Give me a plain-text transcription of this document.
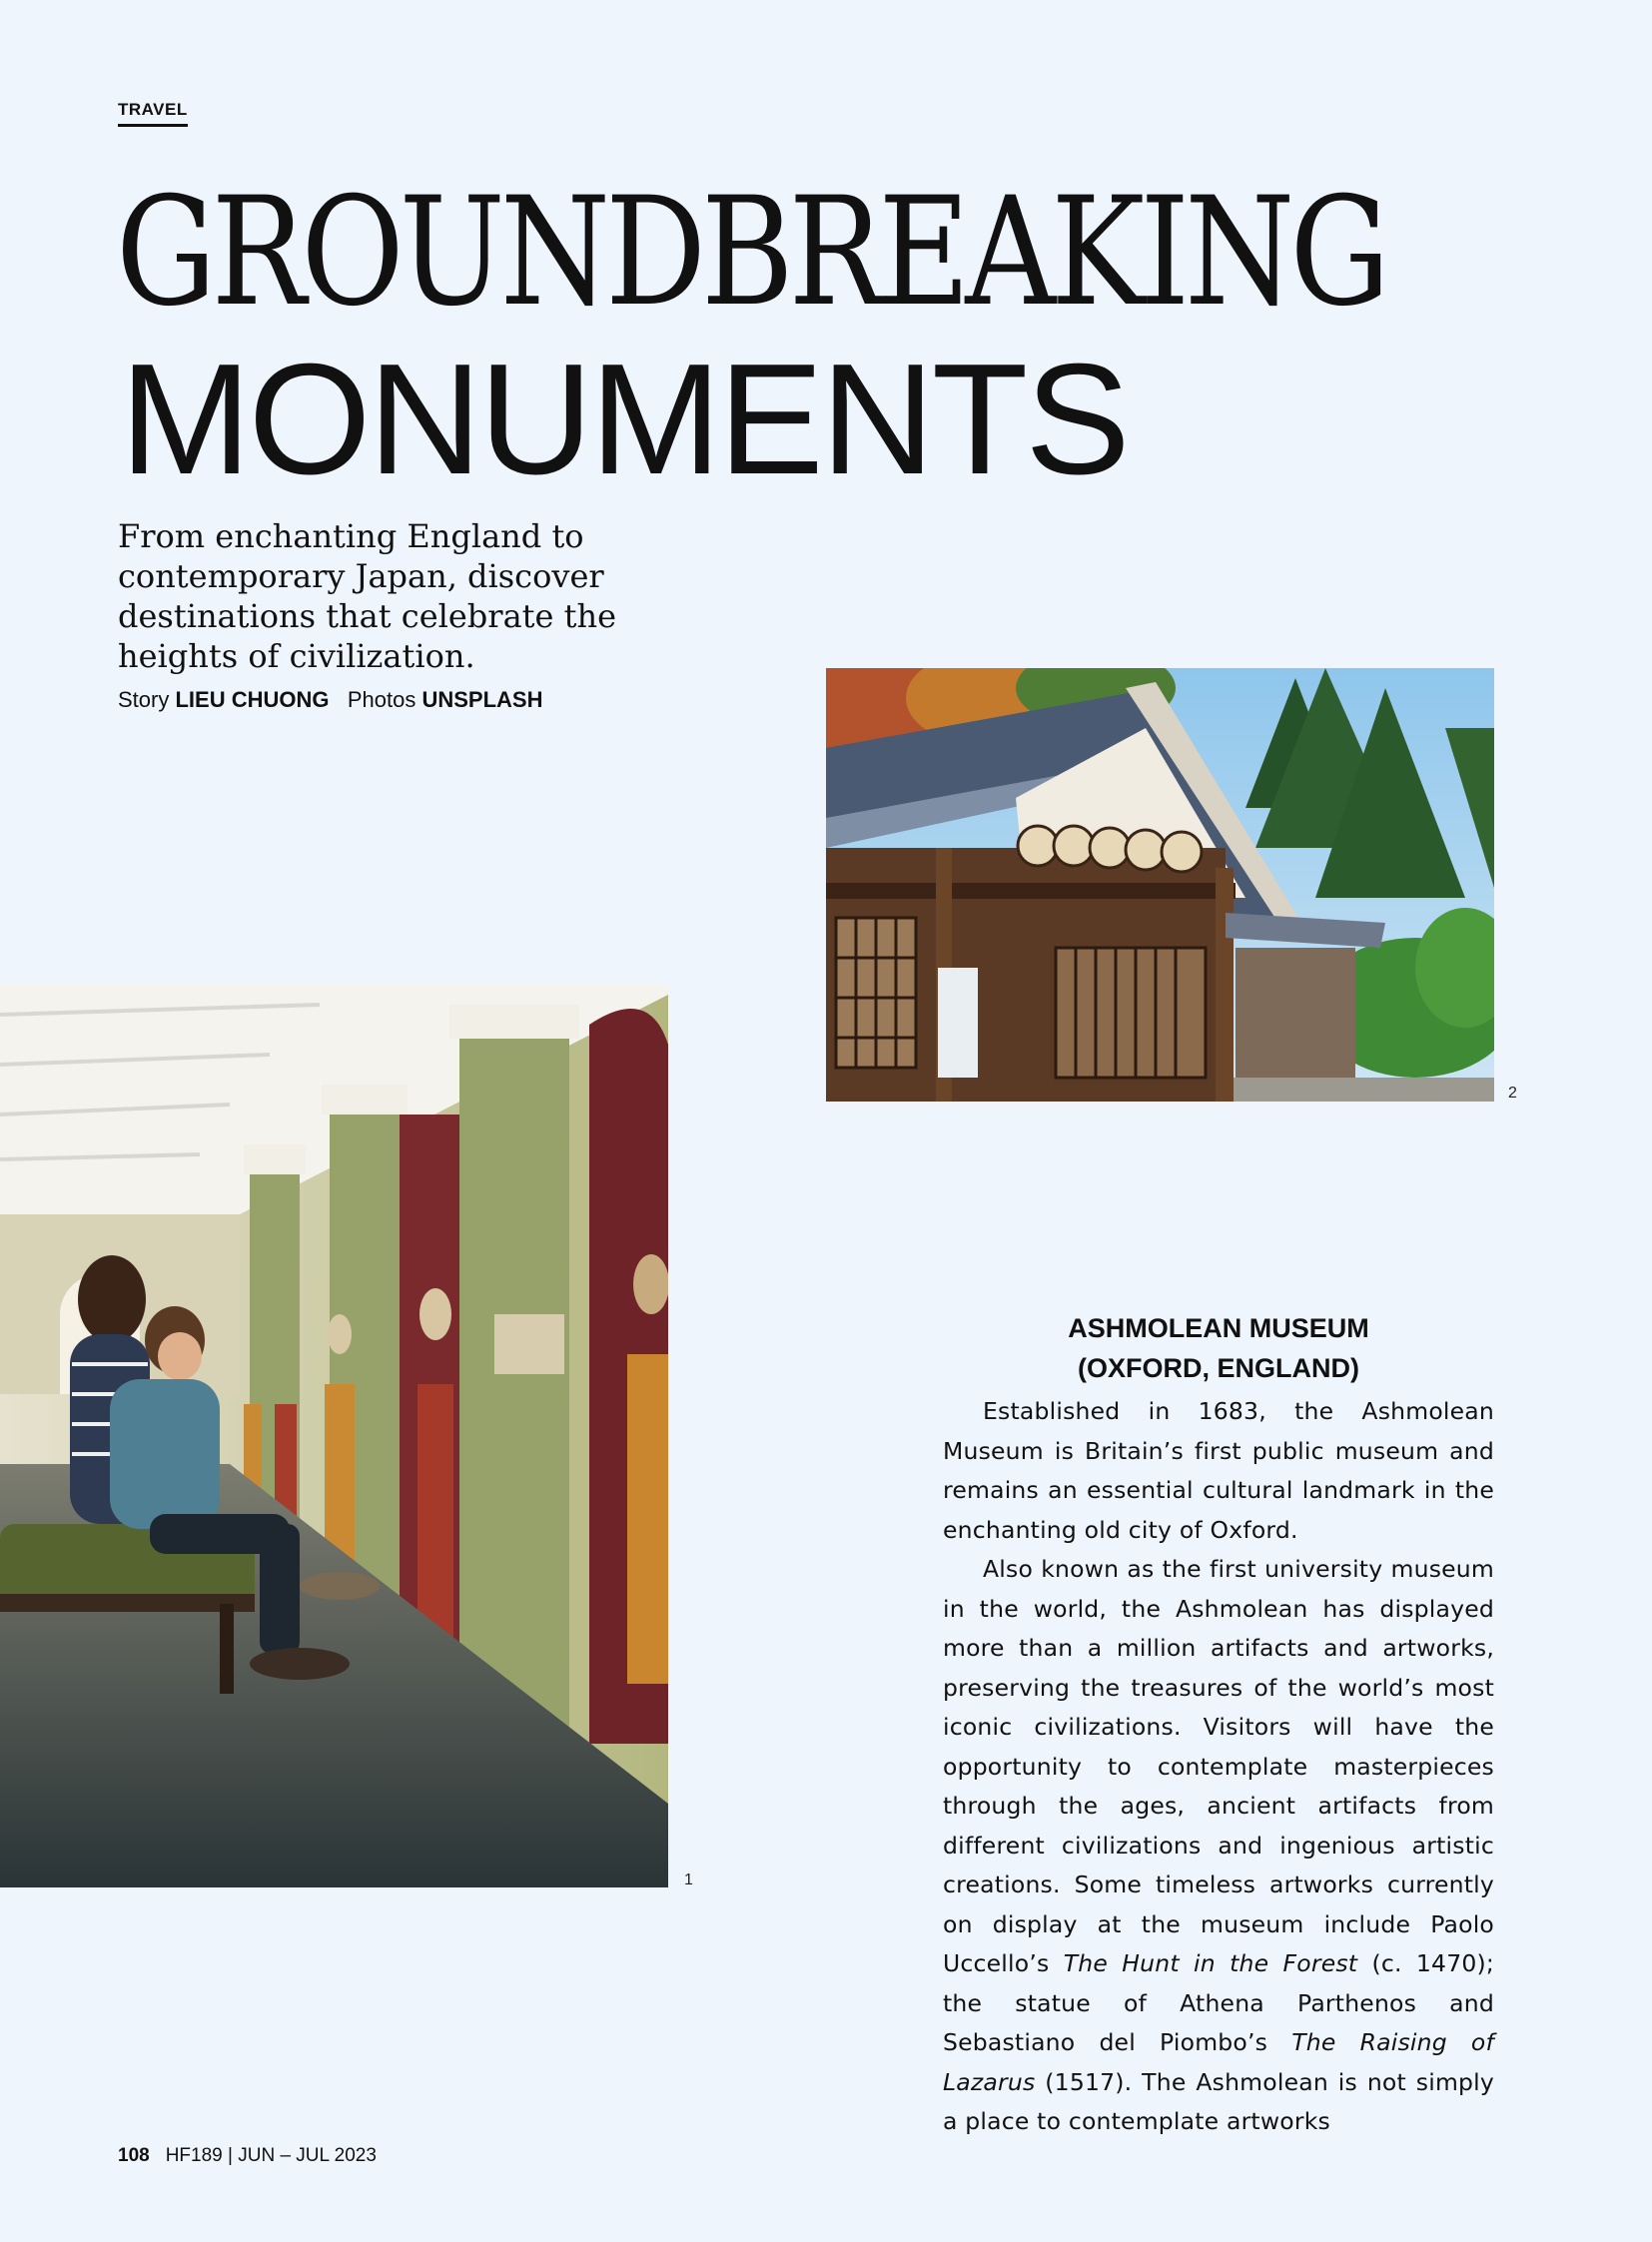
TRAVEL
GROUNDBREAKING
MONUMENTS
From enchanting England to contemporary Japan, discover destinations that celebrate the heights of civilization.
Story LIEU CHUONG Photos UNSPLASH
2
1
ASHMOLEAN MUSEUM
(OXFORD, ENGLAND)

Established in 1683, the Ashmolean Museum is Britain’s first public museum and remains an essential cultural landmark in the enchanting old city of Oxford.

Also known as the first university museum in the world, the Ashmolean has displayed more than a million artifacts and artworks, preserving the treasures of the world’s most iconic civilizations. Visitors will have the opportunity to contemplate masterpieces through the ages, ancient artifacts from different civilizations and ingenious artistic creations. Some timeless artworks currently on display at the museum include Paolo Uccello’s The Hunt in the Forest (c. 1470); the statue of Athena Parthenos and Sebastiano del Piombo’s The Raising of Lazarus (1517). The Ashmolean is not simply a place to contemplate artworks

108 HF189 | JUN – JUL 2023
